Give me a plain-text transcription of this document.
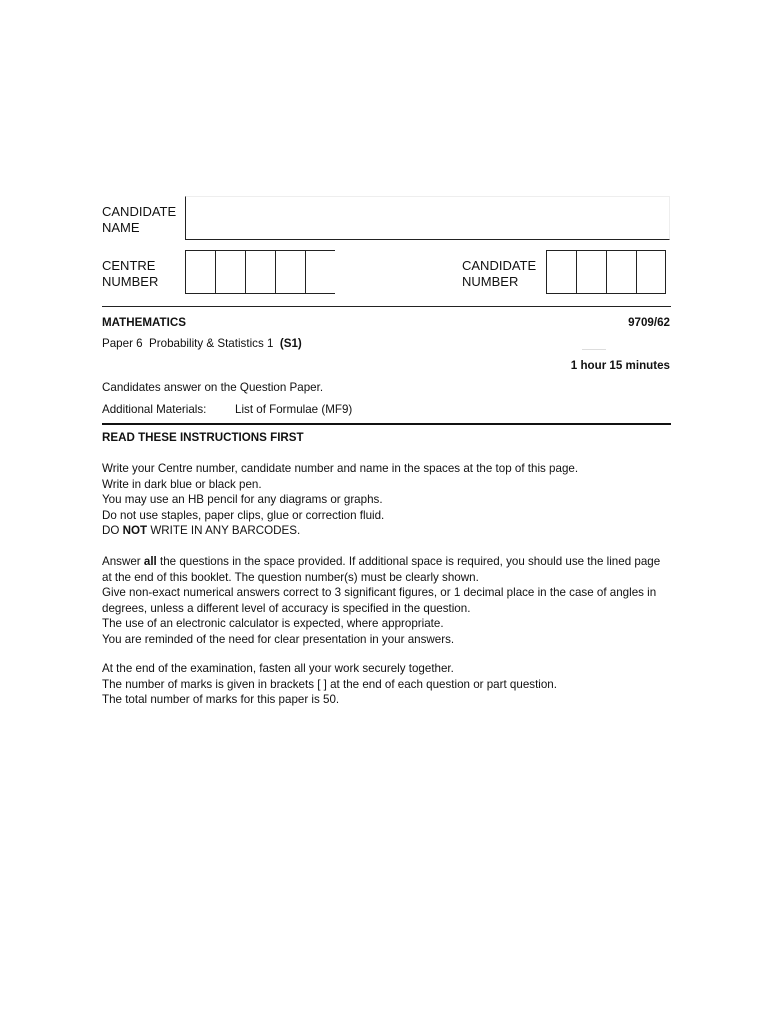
CANDIDATE
NAME
CENTRE
NUMBER
CANDIDATE
NUMBER
MATHEMATICS	9709/62
Paper 6  Probability & Statistics 1  (S1)
1 hour 15 minutes
Candidates answer on the Question Paper.
Additional Materials: List of Formulae (MF9)
READ THESE INSTRUCTIONS FIRST

Write your Centre number, candidate number and name in the spaces at the top of this page.

Write in dark blue or black pen.

You may use an HB pencil for any diagrams or graphs.

Do not use staples, paper clips, glue or correction fluid.

DO NOT WRITE IN ANY BARCODES.

Answer all the questions in the space provided. If additional space is required, you should use the lined page at the end of this booklet. The question number(s) must be clearly shown.

Give non-exact numerical answers correct to 3 significant figures, or 1 decimal place in the case of angles in degrees, unless a different level of accuracy is specified in the question.

The use of an electronic calculator is expected, where appropriate.

You are reminded of the need for clear presentation in your answers.

At the end of the examination, fasten all your work securely together.

The number of marks is given in brackets [ ] at the end of each question or part question.

The total number of marks for this paper is 50.
